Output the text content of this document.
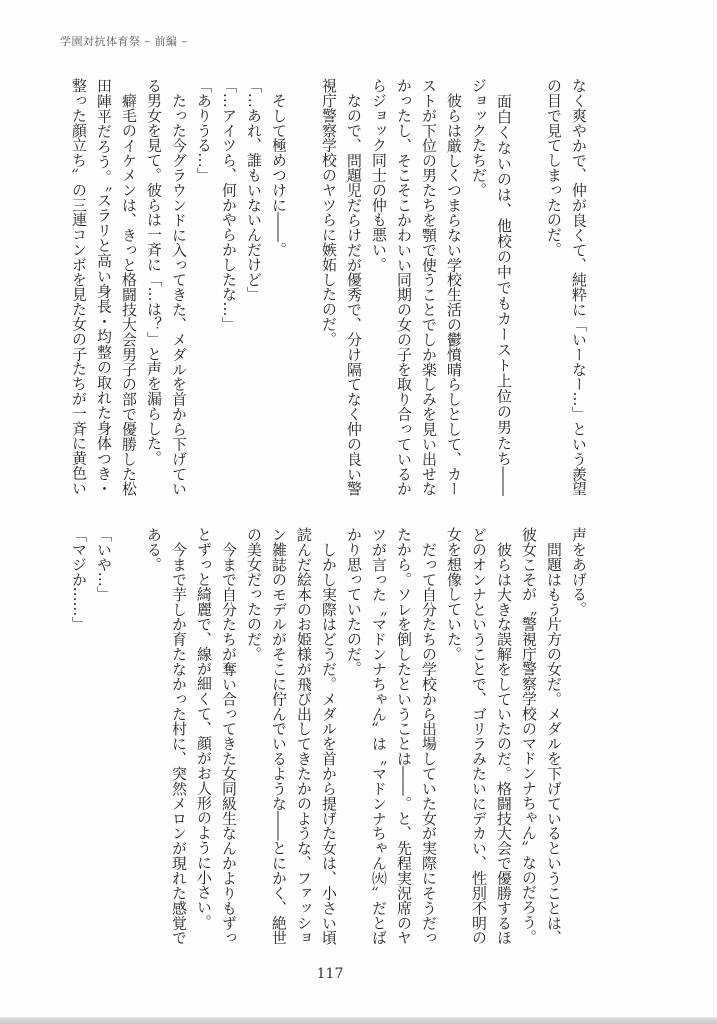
学園対抗体育祭 – 前編 –
なく爽やかで、仲が良くて、純粋に「いーなー…」という羨望
の目で見てしまったのだ。
　面白くないのは、他校の中でもカースト上位の男たち――
ジョックたちだ。
　彼らは厳しくつまらない学校生活の鬱憤晴らしとして、カー
ストが下位の男たちを顎で使うことでしか楽しみを見い出せな
かったし、そこそこかわいい同期の女の子を取り合っているか
らジョック同士の仲も悪い。
　なので、問題児だらけだが優秀で、分け隔てなく仲の良い警
視庁警察学校のヤツらに嫉妬したのだ。
　そして極めつけに――。
「…あれ、誰もいないんだけど」
「…アイツら、何かやらかしたな…」
「ありうる…」
　たった今グラウンドに入ってきた、メダルを首から下げてい
る男女を見て。彼らは一斉に「…は？」と声を漏らした。
　癖毛のイケメンは、きっと格闘技大会男子の部で優勝した松
田陣平だろう。〝スラリと高い身長・均整の取れた身体つき・
整った顔立ち〟の三連コンボを見た女の子たちが一斉に黄色い
声をあげる。
　問題はもう片方の女だ。メダルを下げているということは、
彼女こそが〝警視庁警察学校のマドンナちゃん〟なのだろう。
　彼らは大きな誤解をしていたのだ。格闘技大会で優勝するほ
どのオンナということで、ゴリラみたいにデカい、性別不明の
女を想像していた。
　だって自分たちの学校から出場していた女が実際にそうだっ
たから。ソレを倒したということは――。と、先程実況席のヤ
ツが言った〝マドンナちゃん〟は〝マドンナちゃん㈫〟だとば
かり思っていたのだ。
　しかし実際はどうだ。メダルを首から提げた女は、小さい頃
読んだ絵本のお姫様が飛び出してきたかのような、ファッショ
ン雑誌のモデルがそこに佇んでいるような――とにかく、絶世
の美女だったのだ。
　今まで自分たちが奪い合ってきた女同級生なんかよりもずっ
とずっと綺麗で、線が細くて、顔がお人形のように小さい。
　今まで芋しか育たなかった村に、突然メロンが現れた感覚で
ある。
「いや…」
「マジか……」
117
